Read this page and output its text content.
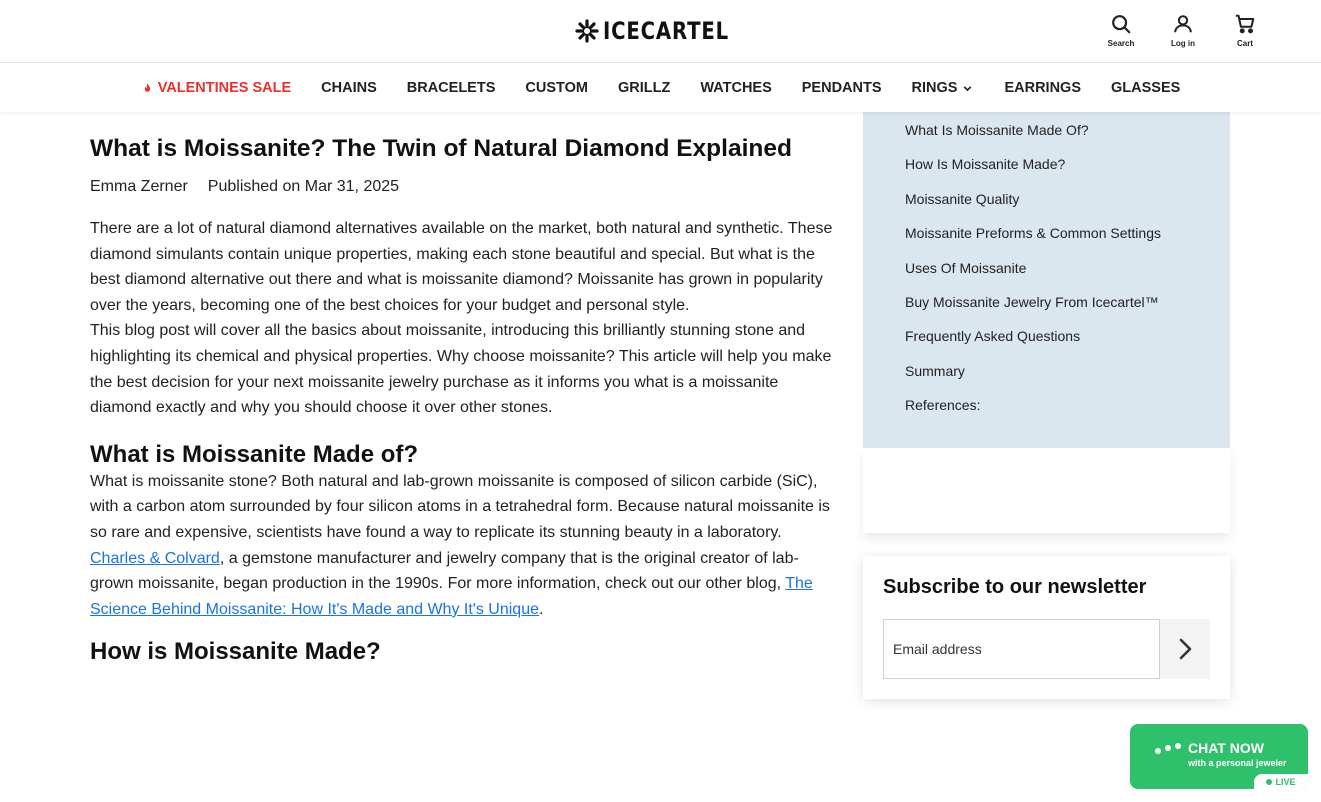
ICECARTEL	Search	Log in	Cart
VALENTINES SALE CHAINS BRACELETS CUSTOM GRILLZ WATCHES PENDANTS RINGS	EARRINGS GLASSES
What is Moissanite? The Twin of Natural Diamond Explained
Emma Zerner Published on Mar 31, 2025

There are a lot of natural diamond alternatives available on the market, both natural and synthetic. These diamond simulants contain unique properties, making each stone beautiful and special. But what is the best diamond alternative out there and what is moissanite diamond? Moissanite has grown in popularity over the years, becoming one of the best choices for your budget and personal style.

This blog post will cover all the basics about moissanite, introducing this brilliantly stunning stone and highlighting its chemical and physical properties. Why choose moissanite? This article will help you make the best decision for your next moissanite jewelry purchase as it informs you what is a moissanite diamond exactly and why you should choose it over other stones.

What is Moissanite Made of?

What is moissanite stone? Both natural and lab-grown moissanite is composed of silicon carbide (SiC), with a carbon atom surrounded by four silicon atoms in a tetrahedral form. Because natural moissanite is so rare and expensive, scientists have found a way to replicate its stunning beauty in a laboratory. Charles & Colvard, a gemstone manufacturer and jewelry company that is the original creator of lab-grown moissanite, began production in the 1990s. For more information, check out our other blog, The Science Behind Moissanite: How It's Made and Why It's Unique.

How is Moissanite Made?
What Is Moissanite Made Of?
How Is Moissanite Made?
Moissanite Quality
Moissanite Preforms & Common Settings
Uses Of Moissanite
Buy Moissanite Jewelry From Icecartel™
Frequently Asked Questions
Summary
References:
Subscribe to our newsletter
Email address
CHAT NOW
with a personal jeweler
LIVE
